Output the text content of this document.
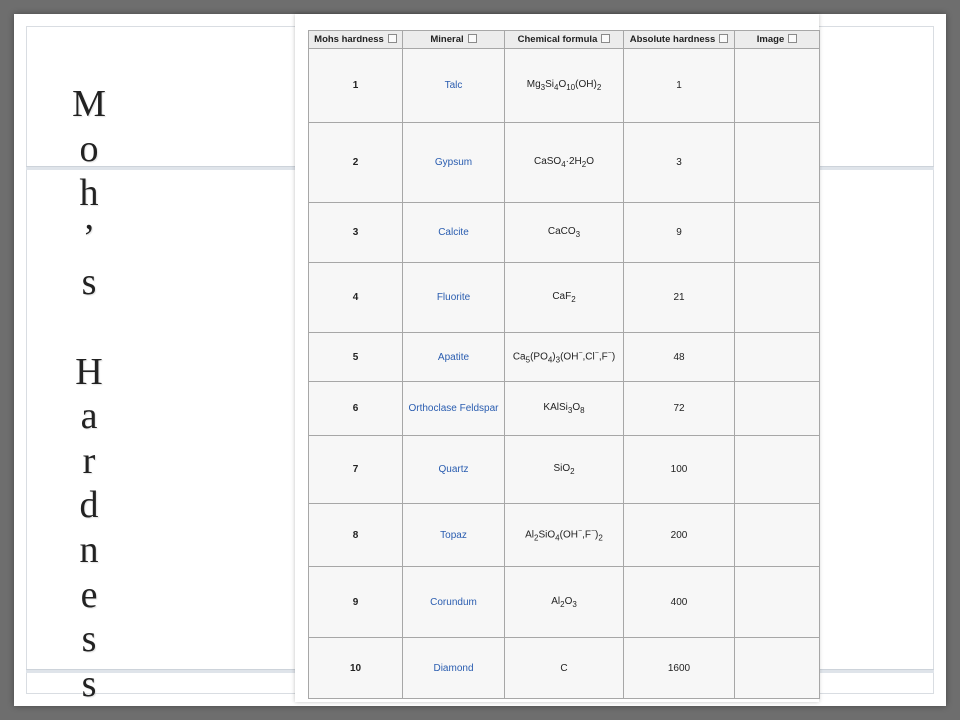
M
o
h
’
s
H
a
r
d
n
e
s
s
Mohs hardness	Mineral	Chemical formula	Absolute hardness	Image
1	Talc	$Mg_3Si_4O_{10}(OH)_2$	1	

2	Gypsum	$CaSO_4\cdot 2H_2O$	3	

3	Calcite	CaCO$_3$	9	

4	Fluorite	CaF$_2$	21	

5	Apatite	$Ca_5(PO_4)_3(OH^-,Cl^-,F^-)$	48	

6	Orthoclase Feldspar	$KAlSi_3O_8$	72	

7	Quartz	SiO$_2$	100	

8	Topaz	$Al_2SiO_4(OH^-,F^-)_2$	200	

9	Corundum	$Al_2O_3$	400	

10	Diamond	C	1600	
